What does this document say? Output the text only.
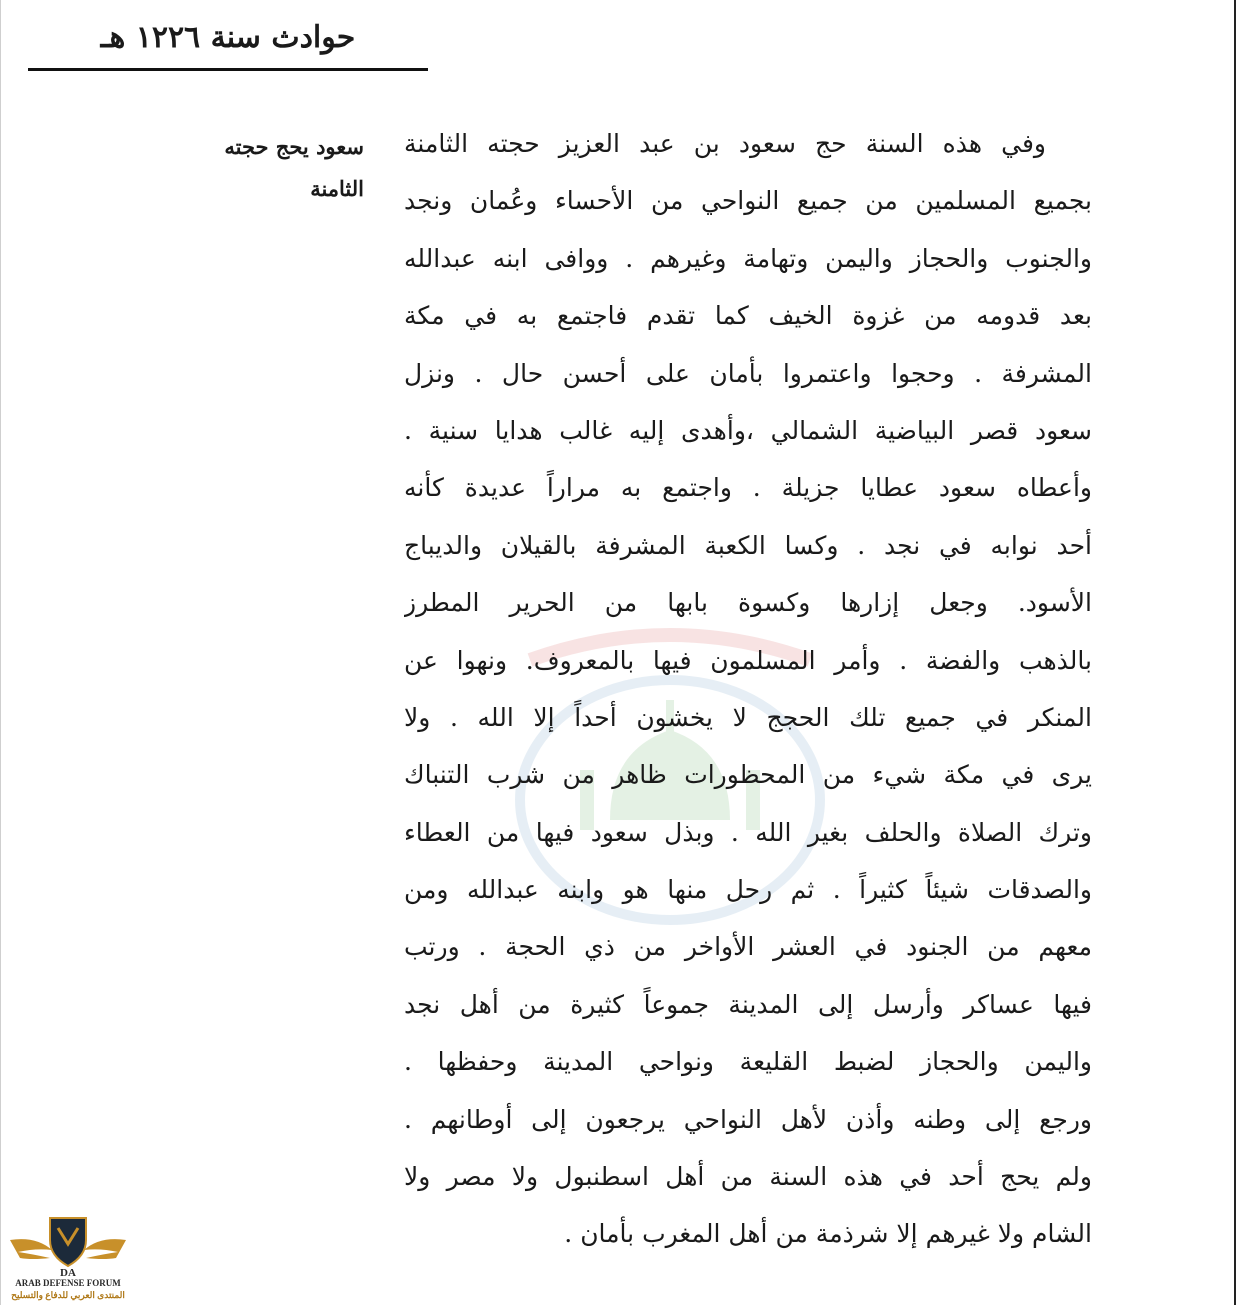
حوادث سنة ١٢٢٦ هـ
سعود يحج حجته
الثامنة
وفي هذه السنة حج سعود بن عبد العزيز حجته الثامنة
بجميع المسلمين من جميع النواحي من الأحساء وعُمان ونجد
والجنوب والحجاز واليمن وتهامة وغيرهم . ووافى ابنه عبدالله
بعد قدومه من غزوة الخيف كما تقدم فاجتمع به في مكة
المشرفة . وحجوا واعتمروا بأمان على أحسن حال . ونزل
سعود قصر البياضية الشمالي ،وأهدى إليه غالب هدايا سنية .
وأعطاه سعود عطايا جزيلة . واجتمع به مراراً عديدة كأنه
أحد نوابه في نجد . وكسا الكعبة المشرفة بالقيلان والديباج
الأسود. وجعل إزارها وكسوة بابها من الحرير المطرز
بالذهب والفضة . وأمر المسلمون فيها بالمعروف. ونهوا عن
المنكر في جميع تلك الحجج لا يخشون أحداً إلا الله . ولا
يرى في مكة شيء من المحظورات ظاهر من شرب التنباك
وترك الصلاة والحلف بغير الله . وبذل سعود فيها من العطاء
والصدقات شيئاً كثيراً . ثم رحل منها هو وابنه عبدالله ومن
معهم من الجنود في العشر الأواخر من ذي الحجة . ورتب
فيها عساكر وأرسل إلى المدينة جموعاً كثيرة من أهل نجد
واليمن والحجاز لضبط القليعة ونواحي المدينة وحفظها .
ورجع إلى وطنه وأذن لأهل النواحي يرجعون إلى أوطانهم .
ولم يحج أحد في هذه السنة من أهل اسطنبول ولا مصر ولا
الشام ولا غيرهم إلا شرذمة من أهل المغرب بأمان .
DA
ARAB DEFENSE FORUM
المنتدى العربي للدفاع والتسليح
